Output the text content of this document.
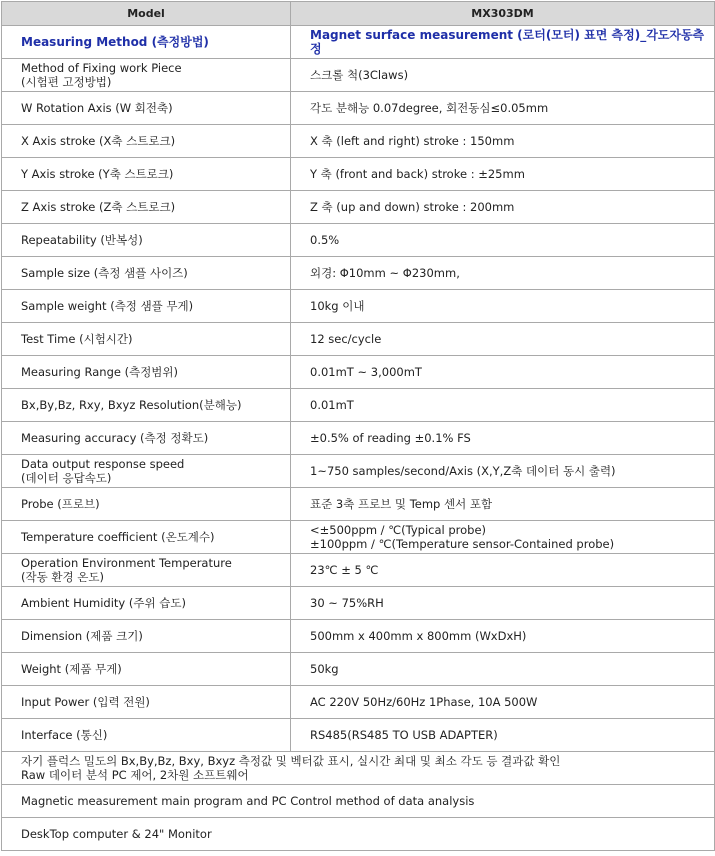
Model	MX303DM
Measuring Method (측정방법)	Magnet surface measurement (로터(모터) 표면 측정)_각도자동측정

Method of Fixing work Piece
(시험편 고정방법)	스크롤 척(3Claws)

W Rotation Axis (W 회전축)	각도 분해능 0.07degree, 회전동심≤0.05mm

X Axis stroke (X축 스트로크)	X 축 (left and right) stroke : 150mm

Y Axis stroke (Y축 스트로크)	Y 축 (front and back) stroke : ±25mm

Z Axis stroke (Z축 스트로크)	Z 축 (up and down) stroke : 200mm

Repeatability (반복성)	0.5%

Sample size (측정 샘플 사이즈)	외경: Φ10mm ~ Φ230mm,

Sample weight (측정 샘플 무게)	10kg 이내

Test Time (시험시간)	12 sec/cycle

Measuring Range (측정범위)	0.01mT ~ 3,000mT

Bx,By,Bz, Rxy, Bxyz Resolution(분해능)	0.01mT

Measuring accuracy (측정 정확도)	±0.5% of reading ±0.1% FS

Data output response speed
(데이터 응답속도)	1~750 samples/second/Axis (X,Y,Z축 데이터 동시 출력)

Probe (프로브)	표준 3축 프로브 및 Temp 센서 포함

Temperature coefficient (온도계수)	<±500ppm / ℃(Typical probe)
±100ppm / ℃(Temperature sensor-Contained probe)

Operation Environment Temperature
(작동 환경 온도)	23℃ ± 5 ℃

Ambient Humidity (주위 습도)	30 ~ 75%RH

Dimension (제품 크기)	500mm x 400mm x 800mm (WxDxH)

Weight (제품 무게)	50kg

Input Power (입력 전원)	AC 220V 50Hz/60Hz 1Phase, 10A 500W

Interface (통신)	RS485(RS485 TO USB ADAPTER)

자기 플럭스 밀도의 Bx,By,Bz, Bxy, Bxyz 측정값 및 벡터값 표시, 실시간 최대 및 최소 각도 등 결과값 확인
Raw 데이터 분석 PC 제어, 2차원 소프트웨어	

Magnetic measurement main program and PC Control method of data analysis	

DeskTop computer & 24" Monitor	
